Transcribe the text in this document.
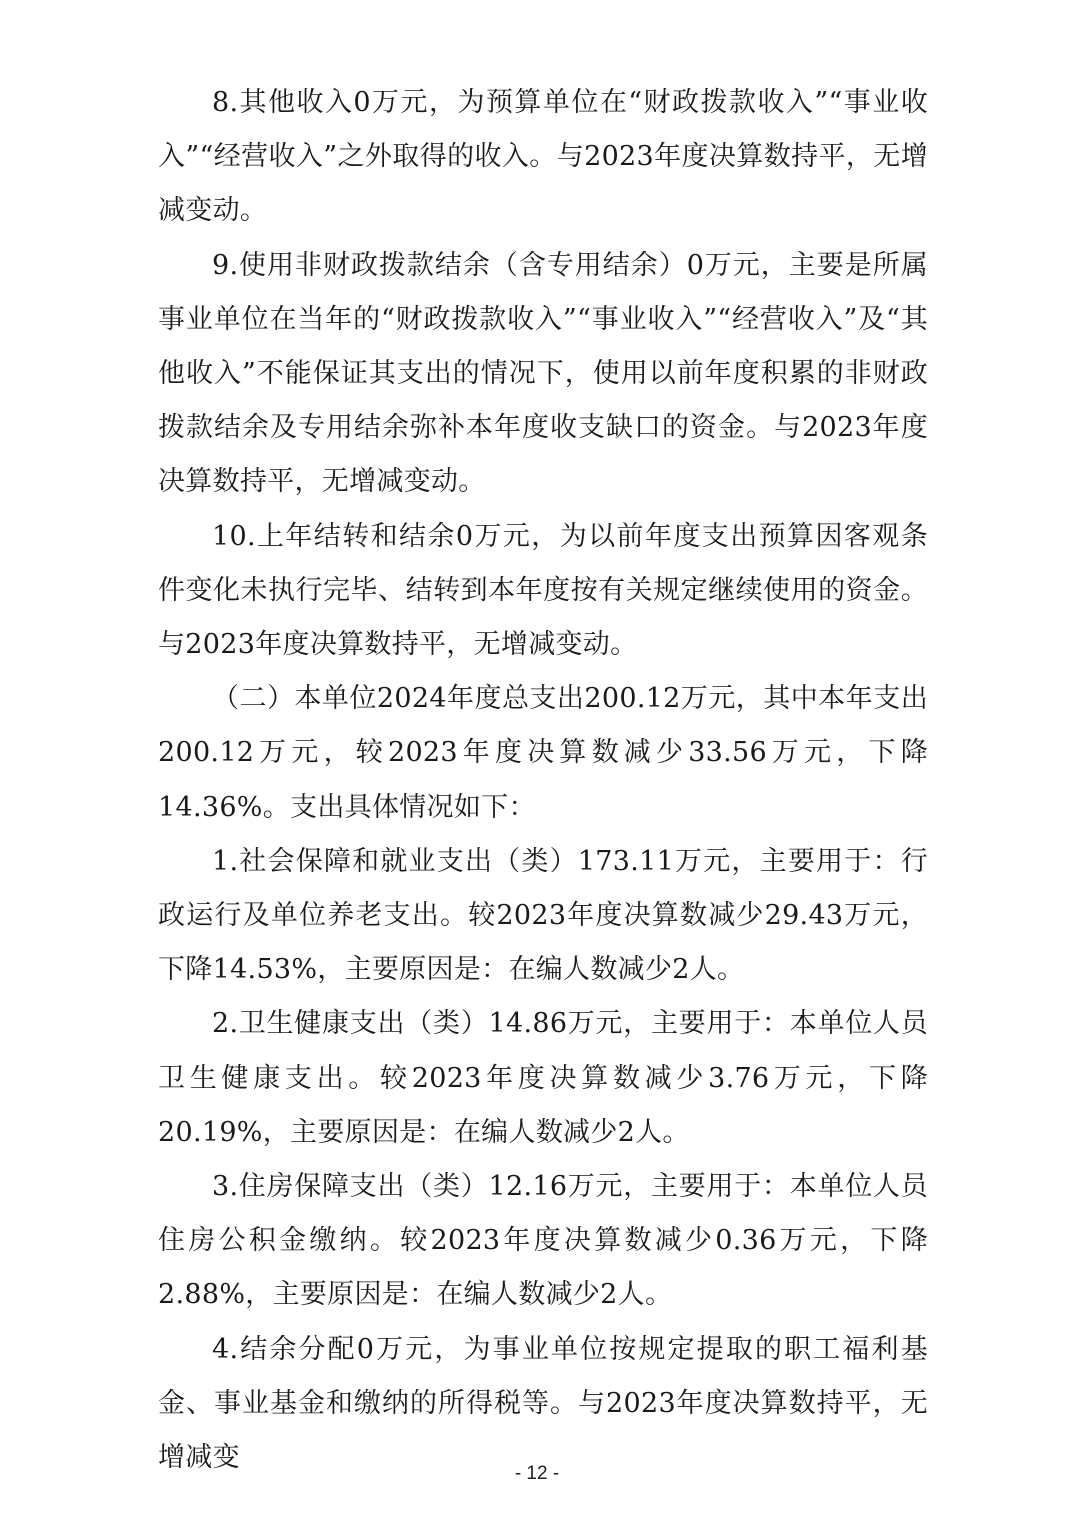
8.其他收入0万元，为预算单位在“财政拨款收入”“事业收入”“经营收入”之外取得的收入。与2023年度决算数持平，无增减变动。

9.使用非财政拨款结余（含专用结余）0万元，主要是所属事业单位在当年的“财政拨款收入”“事业收入”“经营收入”及“其他收入”不能保证其支出的情况下，使用以前年度积累的非财政拨款结余及专用结余弥补本年度收支缺口的资金。与2023年度决算数持平，无增减变动。

10.上年结转和结余0万元，为以前年度支出预算因客观条件变化未执行完毕、结转到本年度按有关规定继续使用的资金。与2023年度决算数持平，无增减变动。

（二）本单位2024年度总支出200.12万元，其中本年支出200.12万元，较2023年度决算数减少33.56万元，下降14.36%。支出具体情况如下：

1.社会保障和就业支出（类）173.11万元，主要用于：行政运行及单位养老支出。较2023年度决算数减少29.43万元，下降14.53%，主要原因是：在编人数减少2人。

2.卫生健康支出（类）14.86万元，主要用于：本单位人员卫生健康支出。较2023年度决算数减少3.76万元，下降20.19%，主要原因是：在编人数减少2人。

3.住房保障支出（类）12.16万元，主要用于：本单位人员住房公积金缴纳。较2023年度决算数减少0.36万元，下降2.88%，主要原因是：在编人数减少2人。

4.结余分配0万元，为事业单位按规定提取的职工福利基金、事业基金和缴纳的所得税等。与2023年度决算数持平，无增减变

- 12 -
